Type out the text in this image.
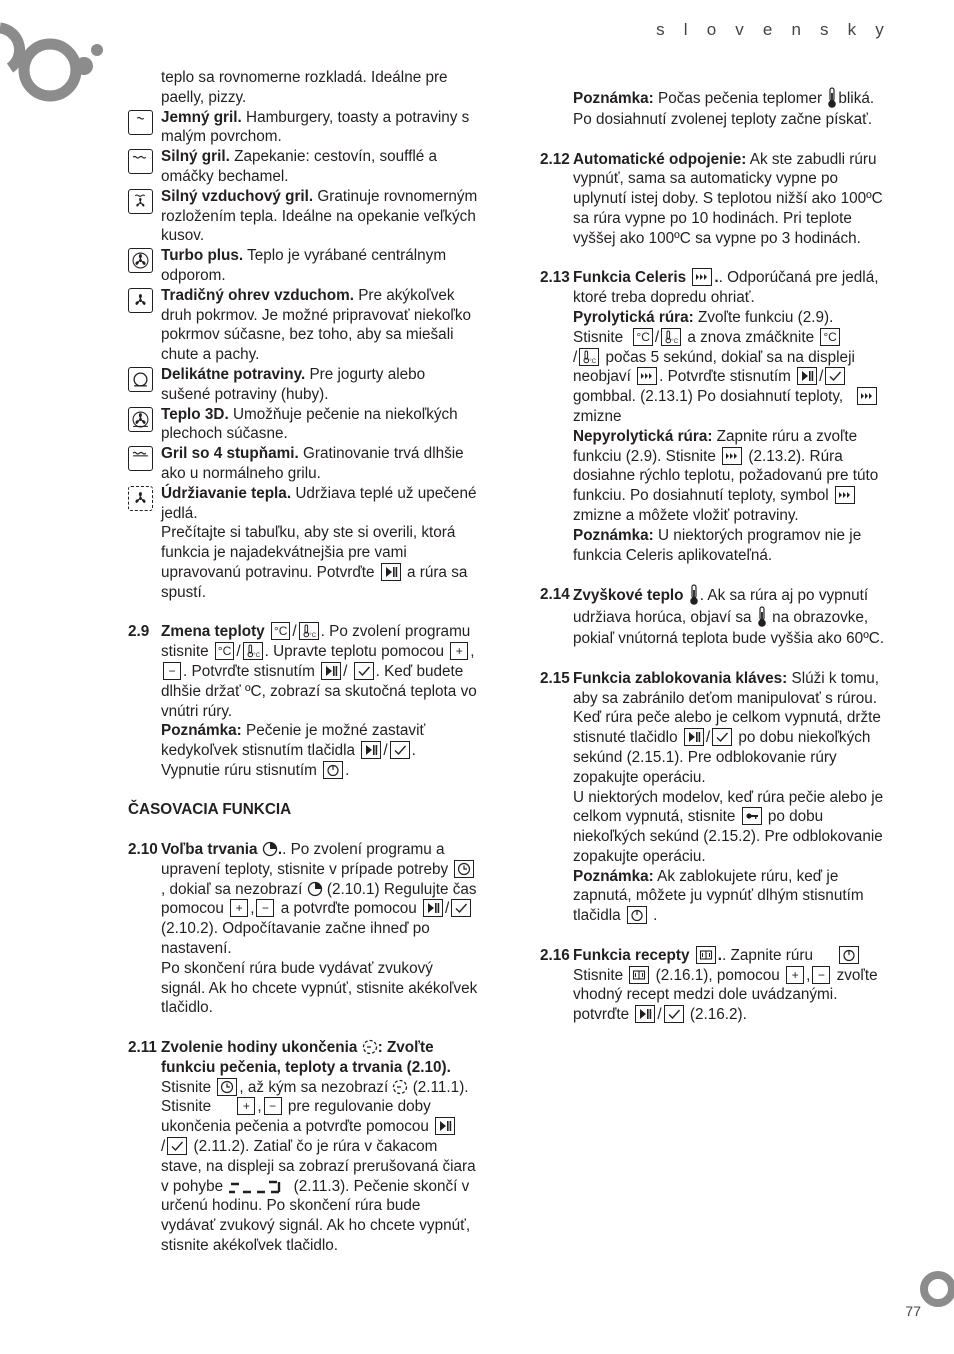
s l o v e n s k y
77

teplo sa rovnomerne rozkladá. Ideálne pre paelly, pizzy.

Jemný gril. Hamburgery, toasty a potraviny s malým povrchom.
Silný gril. Zapekanie: cestovín, soufflé a omáčky bechamel.
Silný vzduchový gril. Gratinuje rovnomerným rozložením tepla. Ideálne na opekanie veľkých kusov.
Turbo plus. Teplo je vyrábané centrálnym odporom.
Tradičný ohrev vzduchom. Pre akýkoľvek druh pokrmov. Je možné pripravovať niekoľko pokrmov súčasne, bez toho, aby sa miešali chute a pachy.
Delikátne potraviny. Pre jogurty alebo sušené potraviny (huby).
Teplo 3D. Umožňuje pečenie na niekoľkých plechoch súčasne.
Gril so 4 stupňami. Gratinovanie trvá dlhšie ako u normálneho grilu.
Údržiavanie tepla. Udržiava teplé už upečené jedlá.

Prečítajte si tabuľku, aby ste si overili, ktorá funkcia je najadekvátnejšia pre vami upravovanú potravinu. Potvrďte
a rúra sa spustí.

2.9 Zmena teploty °C / . Po zvolení programu stisnite °C / . Upravte teplotu pomocou + ,− . Potvrďte stisnutím / . Keď budete dlhšie držať ºC, zobrazí sa skutočná teplota vo vnútri rúry.
Poznámka: Pečenie je možné zastaviť kedykoľvek stisnutím tlačidla / .
Vypnutie rúru stisnutím .

ČASOVACIA FUNKCIA

2.10 Voľba trvania .. Po zvolení programu a upravení teploty, stisnite v prípade potreby
, dokiaľ sa nezobrazí (2.10.1) Regulujte čas pomocou + , − a potvrďte pomocou /
(2.10.2). Odpočítavanie začne ihneď po nastavení.
Po skončení rúra bude vydávať zvukový signál. Ak ho chcete vypnúť, stisnite akékoľvek tlačidlo.
2.11 Zvolenie hodiny ukončenia : Zvoľte funkciu pečenia, teploty a trvania (2.10).
Stisnite , až kým sa nezobrazí (2.11.1).
Stisnite	+ , − pre regulovanie doby ukončenia pečenia a potvrďte pomocou

/ (2.11.2). Zatiaľ čo je rúra v čakacom stave, na displeji sa zobrazí prerušovaná čiara v pohybe	(2.11.3). Pečenie skončí v určenú hodinu. Po skončení rúra bude vydávať zvukový signál. Ak ho chcete vypnúť, stisnite akékoľvek tlačidlo.

Poznámka: Počas pečenia teplomer bliká. Po dosiahnutí zvolenej teploty začne pískať.

2.12 Automatické odpojenie: Ak ste zabudli rúru vypnúť, sama sa automaticky vypne po uplynutí istej doby. S teplotou nižší ako 100ºC sa rúra vypne po 10 hodinách. Pri teplote vyššej ako 100ºC sa vypne po 3 hodinách.
2.13 Funkcia Celeris .. Odporúčaná pre jedlá, ktoré treba dopredu ohriať.
Pyrolytická rúra: Zvoľte funkciu (2.9).
Stisnite °C / a znova zmáčknite °C
/ počas 5 sekúnd, dokiaľ sa na displeji neobjaví . Potvrďte stisnutím /
gombbal. (2.13.1) Po dosiahnutí teploty,

zmizne
Nepyrolytická rúra: Zapnite rúru a zvoľte funkciu (2.9). Stisnite (2.13.2). Rúra dosiahne rýchlo teplotu, požadovanú pre túto funkciu. Po dosiahnutí teploty, symbol
zmizne a môžete vložiť potraviny.
Poznámka: U niektorých programov nie je funkcia Celeris aplikovateľná.
2.14 Zvyškové teplo . Ak sa rúra aj po vypnutí udržiava horúca, objaví sa na obrazovke, pokiaľ vnútorná teplota bude vyššia ako 60ºC.
2.15 Funkcia zablokovania kláves: Slúži k tomu, aby sa zabránilo deťom manipulovať s rúrou. Keď rúra peče alebo je celkom vypnutá, držte stisnuté tlačidlo / po dobu niekoľkých sekúnd (2.15.1). Pre odblokovanie rúry zopakujte operáciu.
U niektorých modelov, keď rúra pečie alebo je celkom vypnutá, stisnite po dobu niekoľkých sekúnd (2.15.2). Pre odblokovanie zopakujte operáciu.
Poznámka: Ak zablokujete rúru, keď je zapnutá, môžete ju vypnúť dlhým stisnutím tlačidla .
2.16 Funkcia recepty .. Zapnite rúru

Stisnite (2.16.1), pomocou + , − zvoľte vhodný recept medzi dole uvádzanými.
potvrďte / (2.16.2).
